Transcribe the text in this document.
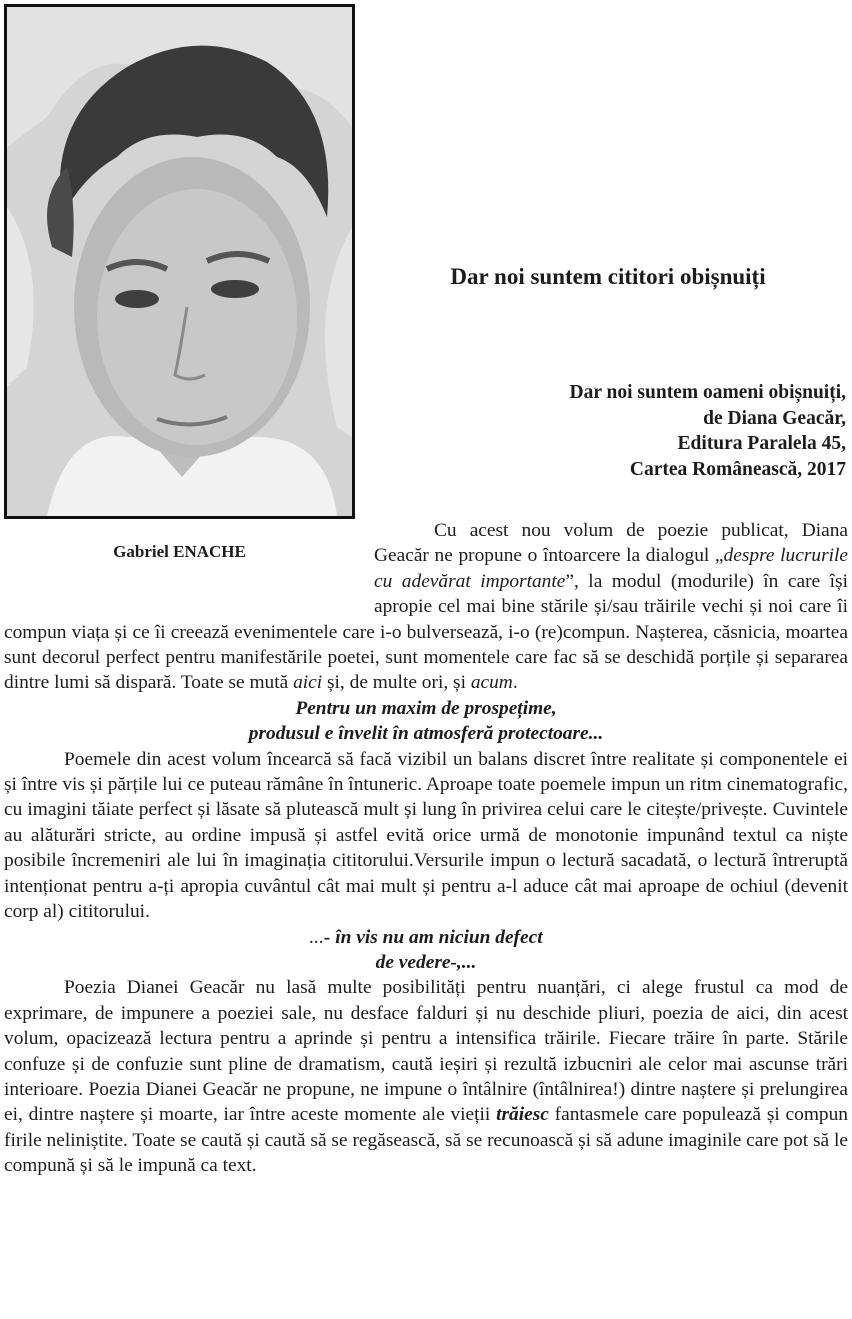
Gabriel ENACHE
Dar noi suntem cititori obișnuiți
Dar noi suntem oameni obișnuiți,
de Diana Geacăr,
Editura Paralela 45,
Cartea Românească, 2017

Cu acest nou volum de poezie publicat, Diana Geacăr ne propune o întoarcere la dialogul „despre lucrurile cu adevărat importante”, la modul (modurile) în care își apropie cel mai bine stările și/sau trăirile vechi și noi care îi compun viața și ce îi creează evenimentele care i-o bulversează, i-o (re)compun. Nașterea, căsnicia, moartea sunt decorul perfect pentru manifestările poetei, sunt momentele care fac să se deschidă porțile și separarea dintre lumi să dispară. Toate se mută aici și, de multe ori, și acum.

Pentru un maxim de prospețime,
produsul e învelit în atmosferă protectoare...

Poemele din acest volum încearcă să facă vizibil un balans discret între realitate și componentele ei și între vis și părțile lui ce puteau rămâne în întuneric. Aproape toate poemele impun un ritm cinematografic, cu imagini tăiate perfect și lăsate să plutească mult și lung în privirea celui care le citește/privește. Cuvintele au alăturări stricte, au ordine impusă și astfel evită orice urmă de monotonie impunând textul ca niște posibile încremeniri ale lui în imaginația cititorului.Versurile impun o lectură sacadată, o lectură întreruptă intenționat pentru a-ți apropia cuvântul cât mai mult și pentru a-l aduce cât mai aproape de ochiul (devenit corp al) cititorului.

...- în vis nu am niciun defect
de vedere-,...

Poezia Dianei Geacăr nu lasă multe posibilități pentru nuanțări, ci alege frustul ca mod de exprimare, de impunere a poeziei sale, nu desface falduri și nu deschide pliuri, poezia de aici, din acest volum, opacizează lectura pentru a aprinde și pentru a intensifica trăirile. Fiecare trăire în parte. Stările confuze și de confuzie sunt pline de dramatism, caută ieșiri și rezultă izbucniri ale celor mai ascunse trări interioare. Poezia Dianei Geacăr ne propune, ne impune o întâlnire (întâlnirea!) dintre naștere și prelungirea ei, dintre naștere și moarte, iar între aceste momente ale vieții trăiesc fantasmele care populează și compun firile neliniștite. Toate se caută și caută să se regăsească, să se recunoască și să adune imaginile care pot să le compună și să le impună ca text.
